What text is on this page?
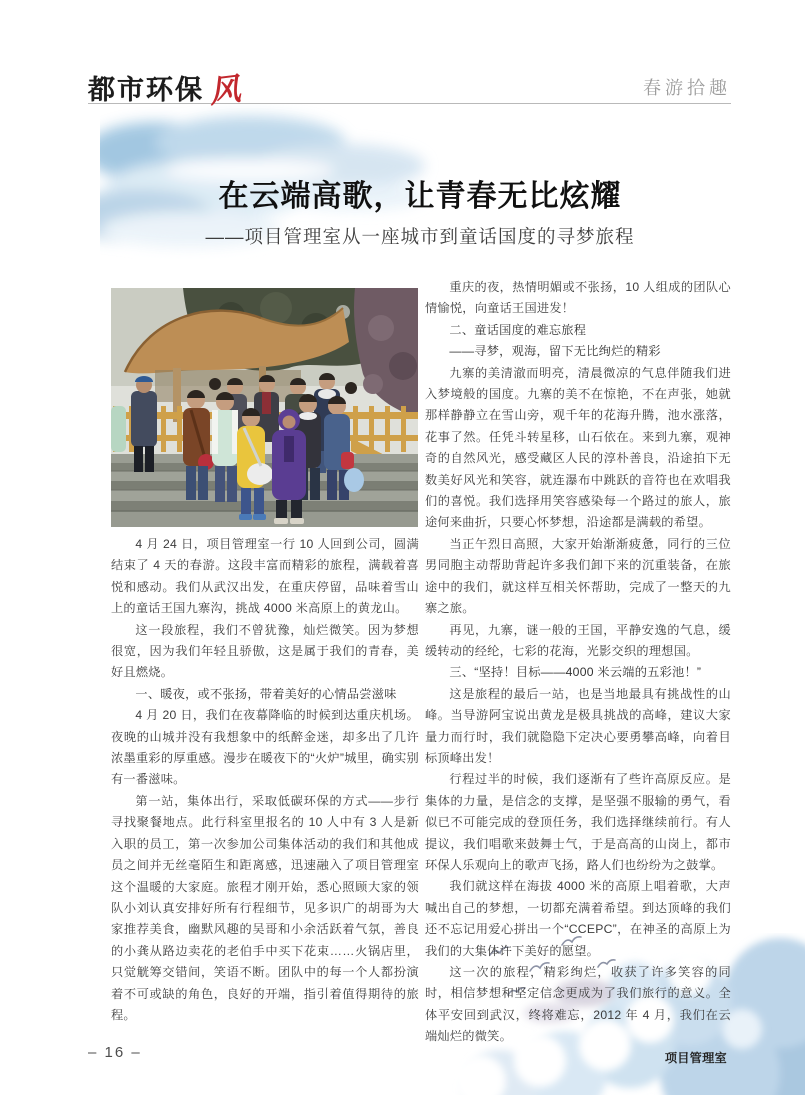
都市环保 风	春游拾趣
在云端高歌，让青春无比炫耀
——项目管理室从一座城市到童话国度的寻梦旅程

4 月 24 日，项目管理室一行 10 人回到公司，圆满结束了 4 天的春游。这段丰富而精彩的旅程，满载着喜悦和感动。我们从武汉出发，在重庆停留，品味着雪山上的童话王国九寨沟，挑战 4000 米高原上的黄龙山。

这一段旅程，我们不曾犹豫，灿烂微笑。因为梦想很宽，因为我们年轻且骄傲，这是属于我们的青春，美好且燃烧。

一、暖夜，或不张扬，带着美好的心情品尝滋味

4 月 20 日，我们在夜幕降临的时候到达重庆机场。夜晚的山城并没有我想象中的纸醉金迷，却多出了几许浓墨重彩的厚重感。漫步在暖夜下的“火炉”城里，确实别有一番滋味。

第一站，集体出行，采取低碳环保的方式——步行寻找聚餐地点。此行科室里报名的 10 人中有 3 人是新入职的员工，第一次参加公司集体活动的我们和其他成员之间并无丝毫陌生和距离感，迅速融入了项目管理室这个温暖的大家庭。旅程才刚开始，悉心照顾大家的领队小刘认真安排好所有行程细节，见多识广的胡哥为大家推荐美食，幽默风趣的吴哥和小余活跃着气氛，善良的小龚从路边卖花的老伯手中买下花束……火锅店里，只觉觥筹交错间，笑语不断。团队中的每一个人都扮演着不可或缺的角色，良好的开端，指引着值得期待的旅程。

重庆的夜，热情明媚或不张扬，10 人组成的团队心情愉悦，向童话王国进发！

二、童话国度的难忘旅程

——寻梦，观海，留下无比绚烂的精彩

九寨的美清澈而明亮，清晨微凉的气息伴随我们进入梦境般的国度。九寨的美不在惊艳，不在声张，她就那样静静立在雪山旁，观千年的花海升腾，池水涨落，花事了然。任凭斗转星移，山石依在。来到九寨，观神奇的自然风光，感受藏区人民的淳朴善良，沿途拍下无数美好风光和笑容，就连瀑布中跳跃的音符也在欢唱我们的喜悦。我们选择用笑容感染每一个路过的旅人，旅途何来曲折，只要心怀梦想，沿途都是满载的希望。

当正午烈日高照，大家开始渐渐疲惫，同行的三位男同胞主动帮助背起许多我们卸下来的沉重装备，在旅途中的我们，就这样互相关怀帮助，完成了一整天的九寨之旅。

再见，九寨，谜一般的王国，平静安逸的气息，缓缓转动的经纶，七彩的花海，光影交织的理想国。

三、“坚持！目标——4000 米云端的五彩池！”

这是旅程的最后一站，也是当地最具有挑战性的山峰。当导游阿宝说出黄龙是极具挑战的高峰，建议大家量力而行时，我们就隐隐下定决心要勇攀高峰，向着目标顶峰出发！

行程过半的时候，我们逐渐有了些许高原反应。是集体的力量，是信念的支撑，是坚强不服输的勇气，看似已不可能完成的登顶任务，我们选择继续前行。有人提议，我们唱歌来鼓舞士气，于是高高的山岗上，都市环保人乐观向上的歌声飞扬，路人们也纷纷为之鼓掌。

我们就这样在海拔 4000 米的高原上唱着歌，大声喊出自己的梦想，一切都充满着希望。到达顶峰的我们还不忘记用爱心拼出一个“CCEPC”，在神圣的高原上为我们的大集体许下美好的愿望。

这一次的旅程，精彩绚烂，收获了许多笑容的同时，相信梦想和坚定信念更成为了我们旅行的意义。全体平安回到武汉，终将难忘，2012 年 4 月，我们在云端灿烂的微笑。

项目管理室

– 16 –
